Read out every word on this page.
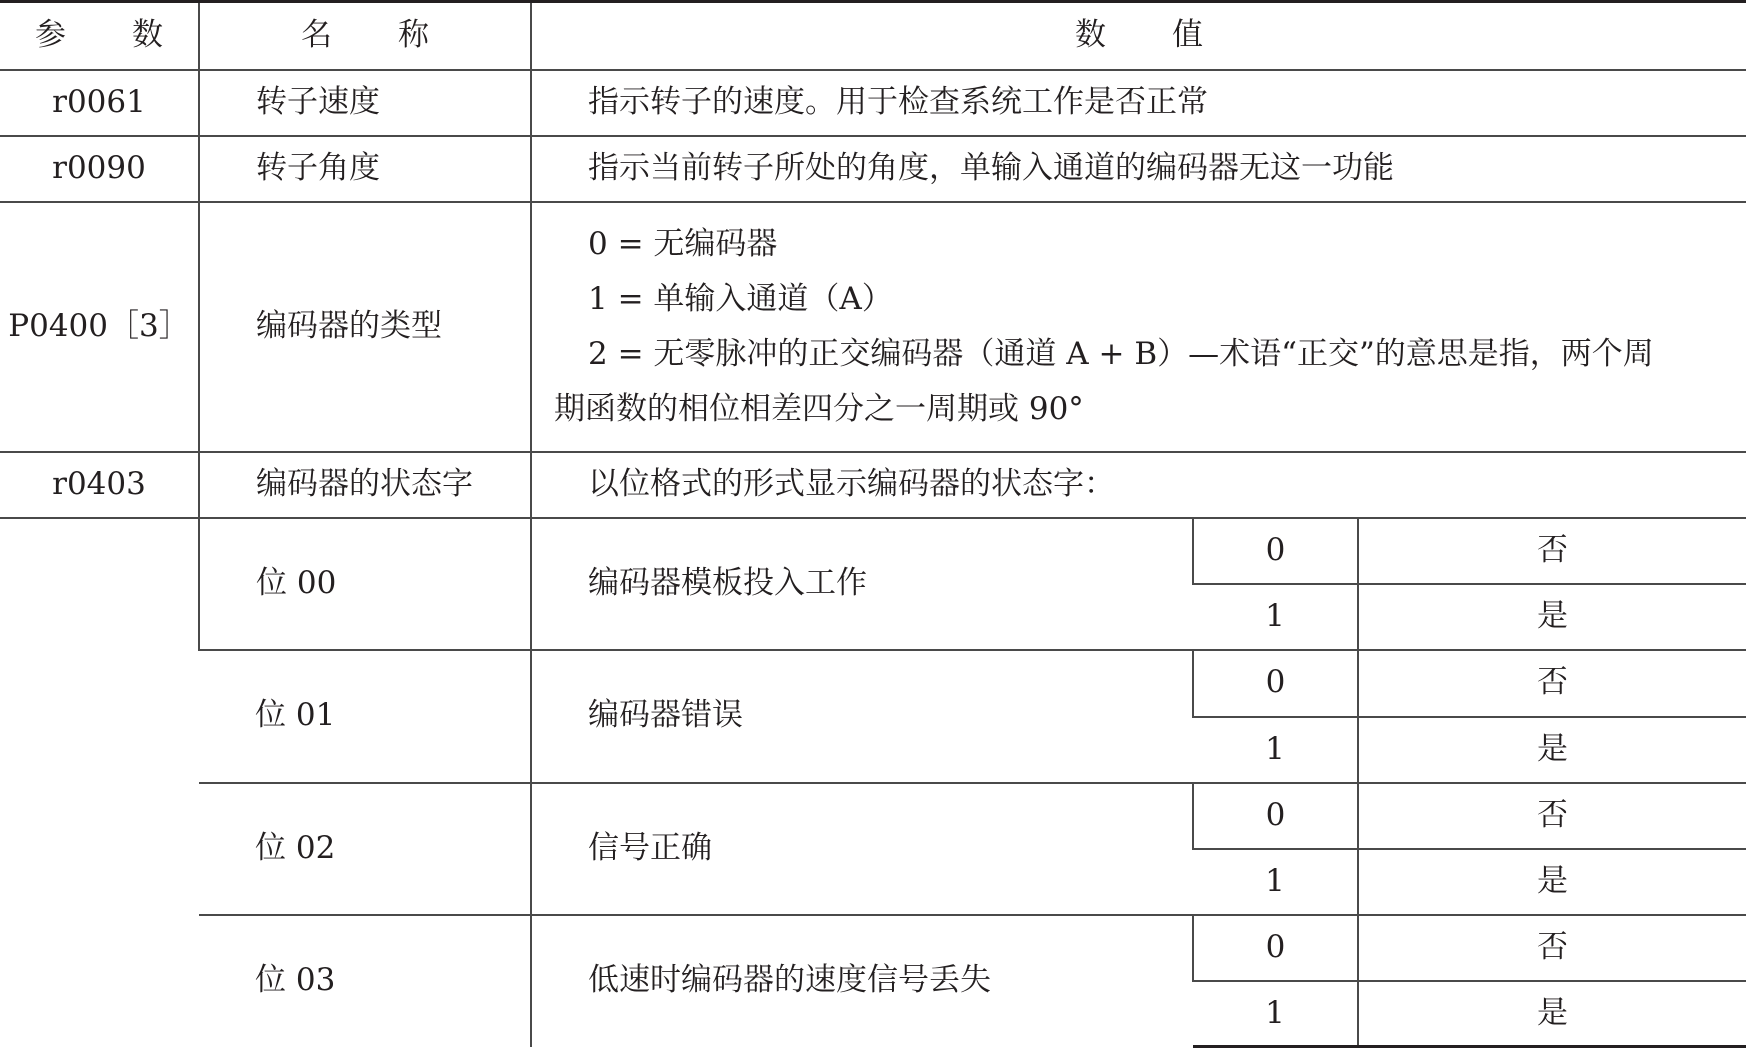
参 数	名 称	数 值		
r0061	转子速度	指示转子的速度。用于检查系统工作是否正常		
r0090	转子角度	指示当前转子所处的角度，单输入通道的编码器无这一功能		
P0400［3］	编码器的类型	0 = 无编码器
1 = 单输入通道（A）
2 = 无零脉冲的正交编码器（通道 A + B）—术语“正交”的意思是指，两个周
期函数的相位相差四分之一周期或 90°		

r0403	编码器的状态字	以位格式的形式显示编码器的状态字：		
	位 00	编码器模板投入工作	0	否
			1	是
	位 01	编码器错误	0	否
			1	是
	位 02	信号正确	0	否
			1	是
	位 03	低速时编码器的速度信号丢失	0	否
			1	是
